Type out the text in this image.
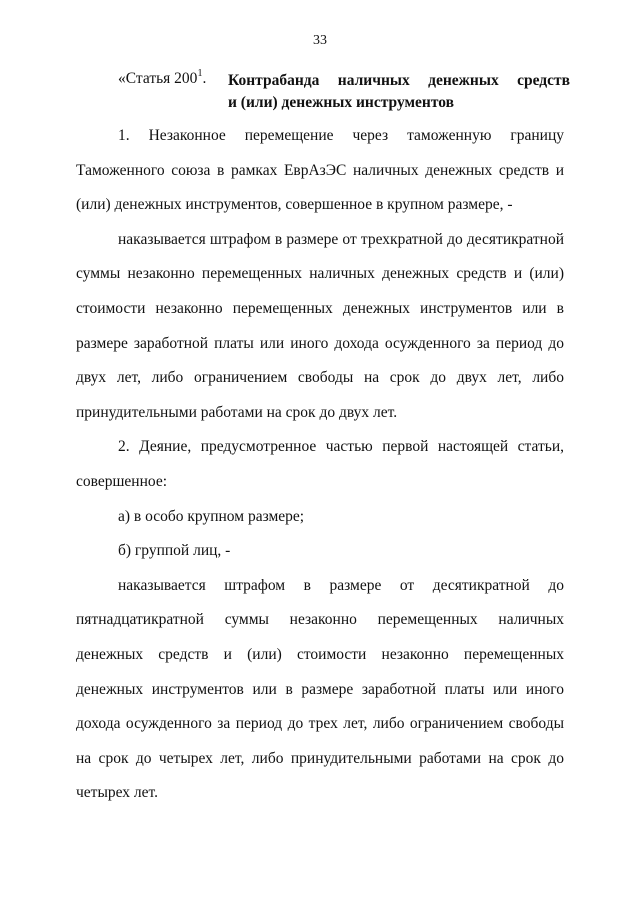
33
«Статья $200^1$. Контрабанда наличных денежных средств
и (или) денежных инструментов

1. Незаконное перемещение через таможенную границу
Таможенного союза в рамках ЕврАзЭС наличных денежных средств и (или) денежных инструментов, совершенное в крупном размере, -

наказывается штрафом в размере от трехкратной до десятикратной суммы незаконно перемещенных наличных денежных средств и (или) стоимости незаконно перемещенных денежных инструментов или в размере заработной платы или иного дохода осужденного за период до двух лет, либо ограничением свободы на срок до двух лет, либо принудительными работами на срок до двух лет.

2. Деяние, предусмотренное частью первой настоящей статьи,
совершенное:

а) в особо крупном размере;

б) группой лиц, -

наказывается штрафом в размере от десятикратной до
пятнадцатикратной суммы незаконно перемещенных наличных денежных средств и (или) стоимости незаконно перемещенных денежных инструментов или в размере заработной платы или иного дохода осужденного за период до трех лет, либо ограничением свободы на срок до четырех лет, либо принудительными работами на срок до четырех лет.
